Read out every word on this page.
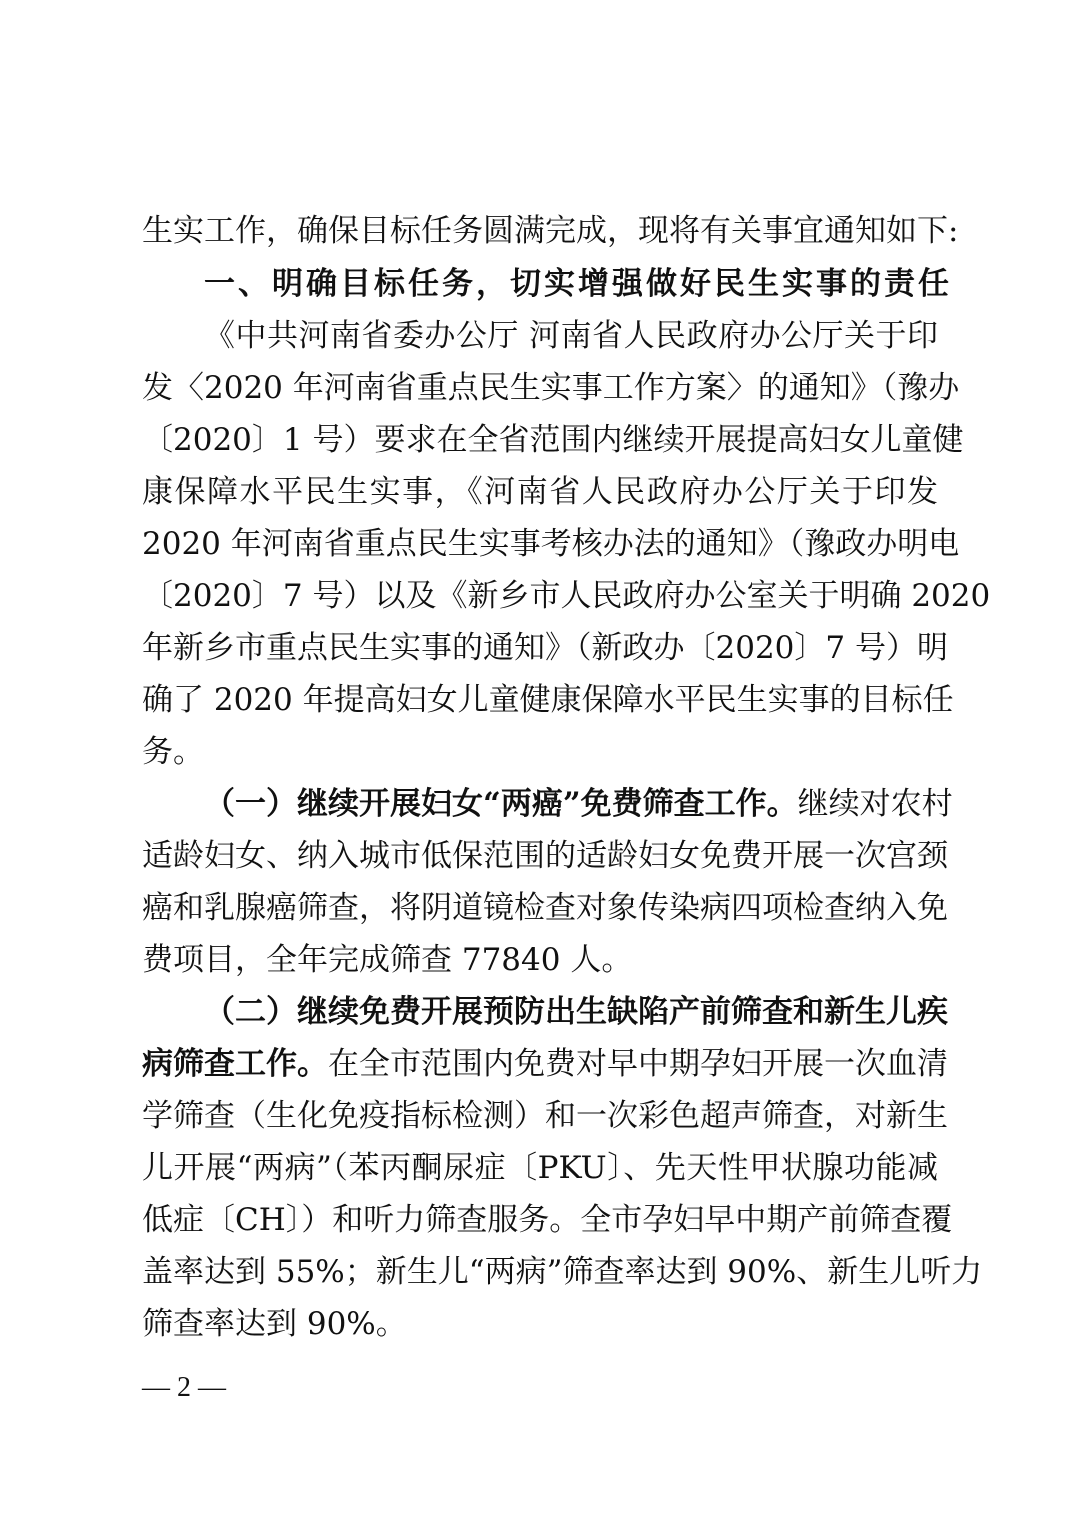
生实工作，确保目标任务圆满完成，现将有关事宜通知如下:
一、明确目标任务，切实增强做好民生实事的责任
《中共河南省委办公厅 河南省人民政府办公厅关于印
发〈2020 年河南省重点民生实事工作方案〉的通知》（豫办
〔2020〕1 号）要求在全省范围内继续开展提高妇女儿童健
康保障水平民生实事，《河南省人民政府办公厅关于印发
2020 年河南省重点民生实事考核办法的通知》（豫政办明电
〔2020〕7 号）以及《新乡市人民政府办公室关于明确 2020
年新乡市重点民生实事的通知》（新政办〔2020〕7 号）明
确了 2020 年提高妇女儿童健康保障水平民生实事的目标任
务。
（一）继续开展妇女“两癌”免费筛查工作。继续对农村
适龄妇女、纳入城市低保范围的适龄妇女免费开展一次宫颈
癌和乳腺癌筛查，将阴道镜检查对象传染病四项检查纳入免
费项目，全年完成筛查 77840 人。
（二）继续免费开展预防出生缺陷产前筛查和新生儿疾
病筛查工作。在全市范围内免费对早中期孕妇开展一次血清
学筛查（生化免疫指标检测）和一次彩色超声筛查，对新生
儿开展“两病”（苯丙酮尿症〔PKU〕、先天性甲状腺功能减
低症〔CH〕）和听力筛查服务。全市孕妇早中期产前筛查覆
盖率达到 55%；新生儿“两病”筛查率达到 90%、新生儿听力
筛查率达到 90%。
— 2 —
